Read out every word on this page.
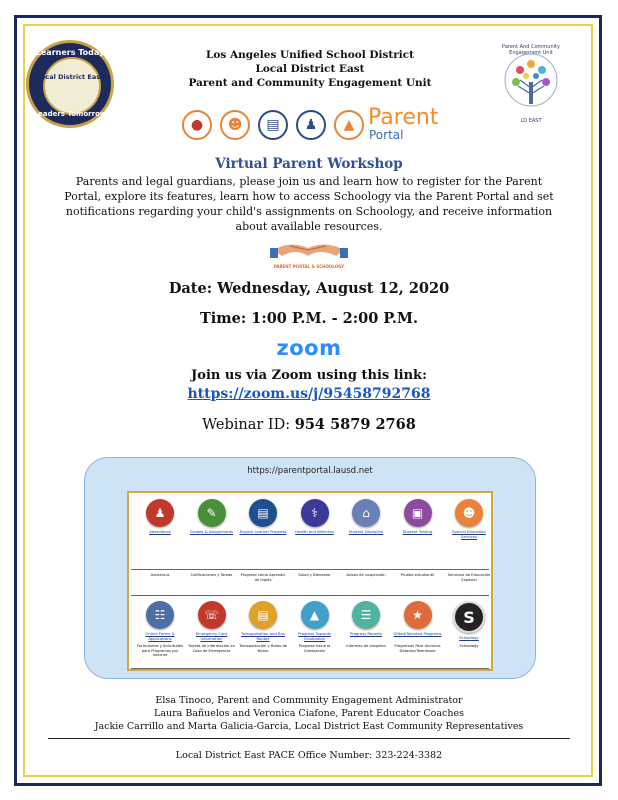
Learners Today
Local District East
Leaders Tomorrow
Los Angeles Unified School District
Local District East
Parent and Community Engagement Unit
Parent And Community Engagement Unit
LD EAST
●	☻	▤	♟	▲ Parent
Portal
Virtual Parent Workshop
Parents and legal guardians, please join us and learn how to register for the Parent Portal, explore its features, learn how to access Schoology via the Parent Portal and set notifications regarding your child's assignments on Schoology, and receive information about available resources.
PARENT PORTAL & SCHOOLOGY
Date: Wednesday, August 12, 2020
Time: 1:00 P.M. - 2:00 P.M.
zoom
Join us via Zoom using this link:
https://zoom.us/j/95458792768
Webinar ID: 954 5879 2768
https://parentportal.lausd.net
♟
Attendance
Asistencia
✎
Grades & Assignments
Calificaciones y Tareas
▤
English Learner Progress
Progreso como Aprendiz de Inglés
⚕
Health and Wellness
Salud y Bienestar
⌂
Student Discipline
Avisos de suspensión
▣
Student Testing
Prueba estudiantil
☻
Special Education Services
Servicios de Educación Especial
☷
Online Forms & Applications
Formularios y Solicitudes para Programas por Internet
☏
Emergency Card Information
Tarjeta de información en Caso de Emergencia
▤
Transportation and Bus Routes
Transportación y Rutas de Buses
▲
Progress Towards Graduation
Progreso hacia la Graduación
☰
Progress Reports
Informes de progreso
★
Gifted/Talented Programs
Programas Para Alumnos Dotados/Talentosos
S
Schoology
Schoology
Elsa Tinoco, Parent and Community Engagement Administrator
Laura Bañuelos and Veronica Ciafone, Parent Educator Coaches
Jackie Carrillo and Marta Galicia-Garcia, Local District East Community Representatives
Local District East PACE Office Number: 323-224-3382
